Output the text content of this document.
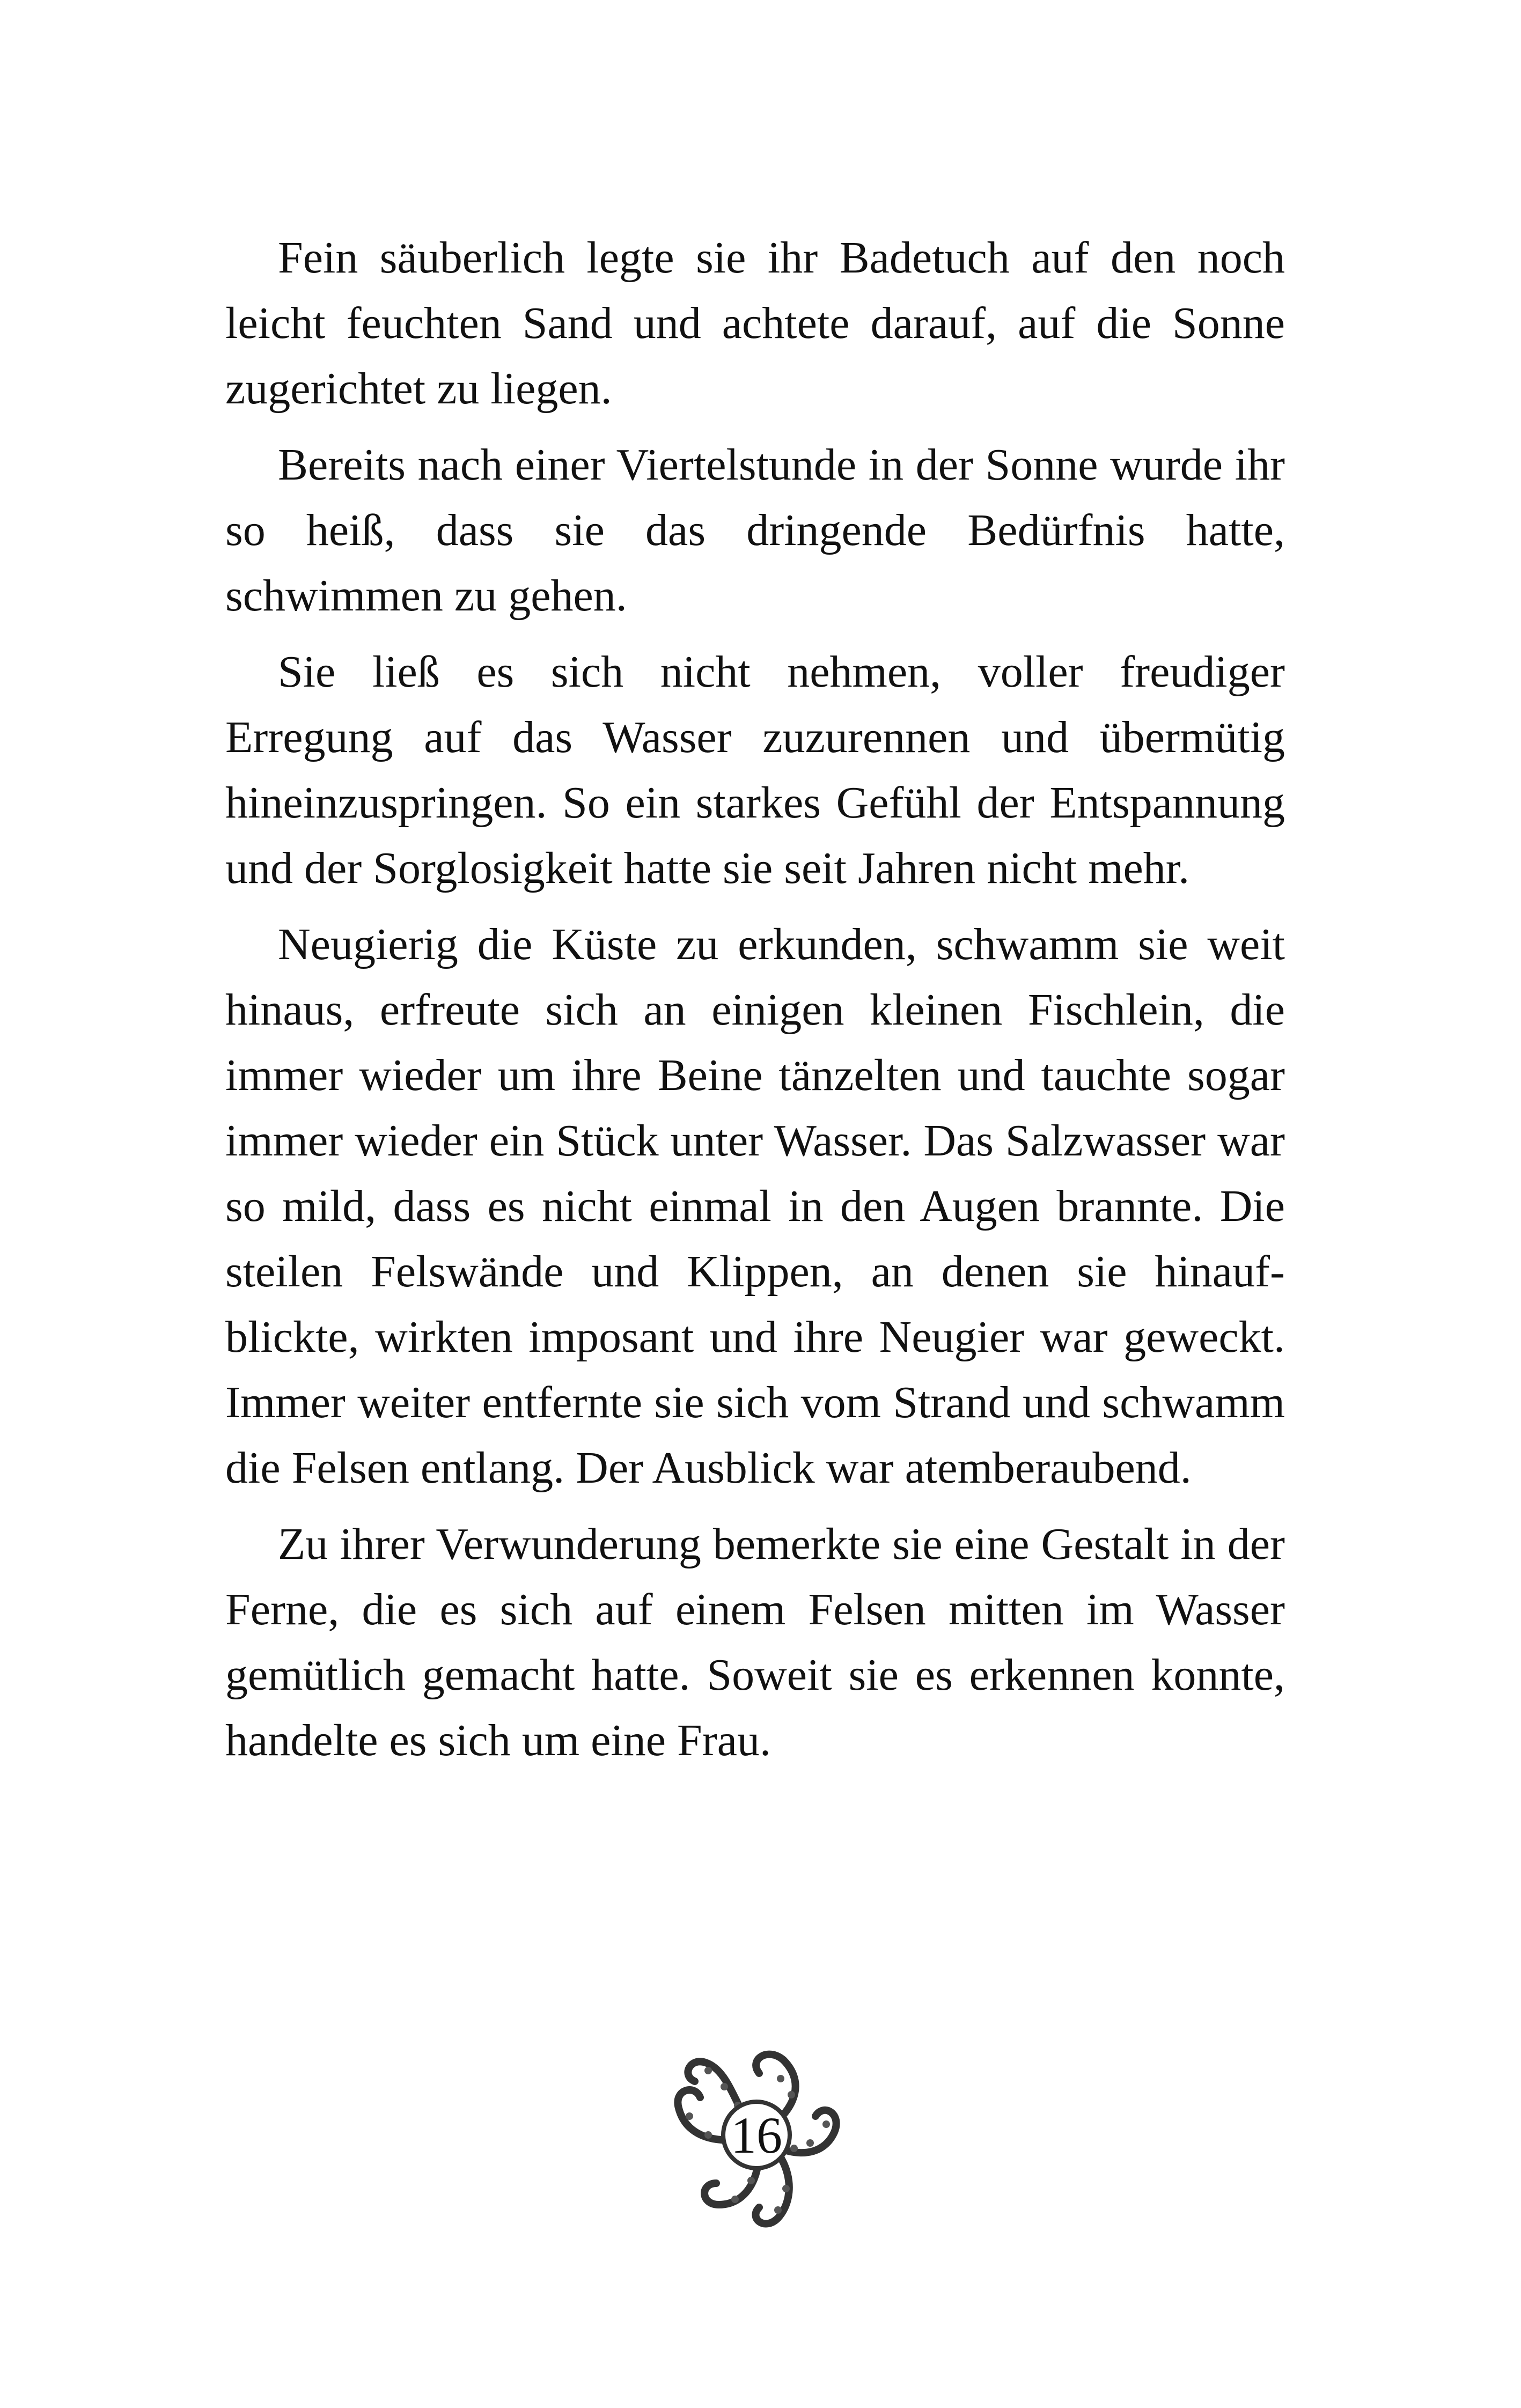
Fein säuberlich legte sie ihr Badetuch auf den noch leicht feuchten Sand und achtete darauf, auf die Sonne zugerichtet zu liegen.

Bereits nach einer Viertelstunde in der Sonne wurde ihr so heiß, dass sie das dringende Bedürfnis hatte, schwimmen zu gehen.

Sie ließ es sich nicht nehmen, voller freudiger Erregung auf das Wasser zuzurennen und übermütig hineinzuspringen. So ein starkes Gefühl der Entspannung und der Sorglosigkeit hatte sie seit Jahren nicht mehr.

Neugierig die Küste zu erkunden, schwamm sie weit hinaus, erfreute sich an einigen kleinen Fischlein, die immer wieder um ihre Beine tänzelten und tauchte sogar immer wieder ein Stück unter Wasser. Das Salzwasser war so mild, dass es nicht einmal in den Augen brannte. Die steilen Felswände und Klippen, an denen sie hinaufblickte, wirkten imposant und ihre Neugier war geweckt. Immer weiter entfernte sie sich vom Strand und schwamm die Felsen entlang. Der Ausblick war atemberaubend.

Zu ihrer Verwunderung bemerkte sie eine Gestalt in der Ferne, die es sich auf einem Felsen mitten im Wasser gemütlich gemacht hatte. Soweit sie es erkennen konnte, handelte es sich um eine Frau.

16
